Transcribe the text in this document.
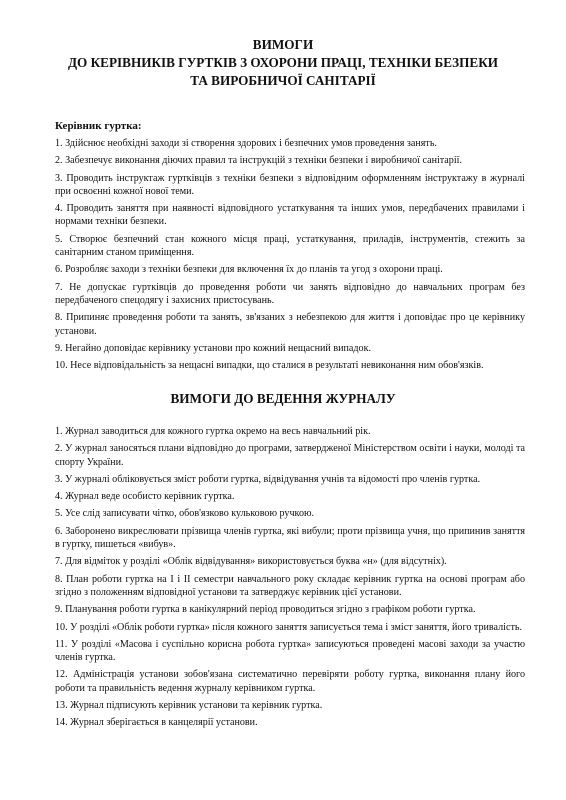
ВИМОГИ
ДО КЕРІВНИКІВ ГУРТКІВ З ОХОРОНИ ПРАЦІ, ТЕХНІКИ БЕЗПЕКИ
ТА ВИРОБНИЧОЇ САНІТАРІЇ
Керівник гуртка:
1. Здійснює необхідні заходи зі створення здорових і безпечних умов проведення занять.
2. Забезпечує виконання діючих правил та інструкцій з техніки безпеки і виробничої санітарії.
3. Проводить інструктаж гуртківців з техніки безпеки з відповідним оформленням інструктажу в журналі при освоєнні кожної нової теми.
4. Проводить заняття при наявності відповідного устаткування та інших умов, передбачених правилами і нормами техніки безпеки.
5. Створює безпечний стан кожного місця праці, устаткування, приладів, інструментів, стежить за санітарним станом приміщення.
6. Розробляє заходи з техніки безпеки для включення їх до планів та угод з охорони праці.
7. Не допускає гуртківців до проведення роботи чи занять відповідно до навчальних програм без передбаченого спецодягу і захисних пристосувань.
8. Припиняє проведення роботи та занять, зв'язаних з небезпекою для життя і доповідає про це керівнику установи.
9. Негайно доповідає керівнику установи про кожний нещасний випадок.
10. Несе відповідальність за нещасні випадки, що сталися в результаті невиконання ним обов'язків.
ВИМОГИ ДО ВЕДЕННЯ ЖУРНАЛУ
1. Журнал заводиться для кожного гуртка окремо на весь навчальний рік.
2. У журнал заносяться плани відповідно до програми, затвердженої Міністерством освіти і науки, молоді та спорту України.
3. У журналі обліковується зміст роботи гуртка, відвідування учнів та відомості про членів гуртка.
4. Журнал веде особисто керівник гуртка.
5. Усе слід записувати чітко, обов'язково кульковою ручкою.
6. Заборонено викреслювати прізвища членів гуртка, які вибули; проти прізвища учня, що припинив заняття в гуртку, пишеться «вибув».
7. Для відміток у розділі «Облік відвідування» використовується буква «н» (для відсутніх).
8. План роботи гуртка на I і II семестри навчального року складає керівник гуртка на основі програм або згідно з положенням відповідної установи та затверджує керівник цієї установи.
9. Планування роботи гуртка в канікулярний період проводиться згідно з графіком роботи гуртка.
10. У розділі «Облік роботи гуртка» після кожного заняття записується тема і зміст заняття, його тривалість.
11. У розділі «Масова і суспільно корисна робота гуртка» записуються проведені масові заходи за участю членів гуртка.
12. Адміністрація установи зобов'язана систематично перевіряти роботу гуртка, виконання плану його роботи та правильність ведення журналу керівником гуртка.
13. Журнал підписують керівник установи та керівник гуртка.
14. Журнал зберігається в канцелярії установи.
